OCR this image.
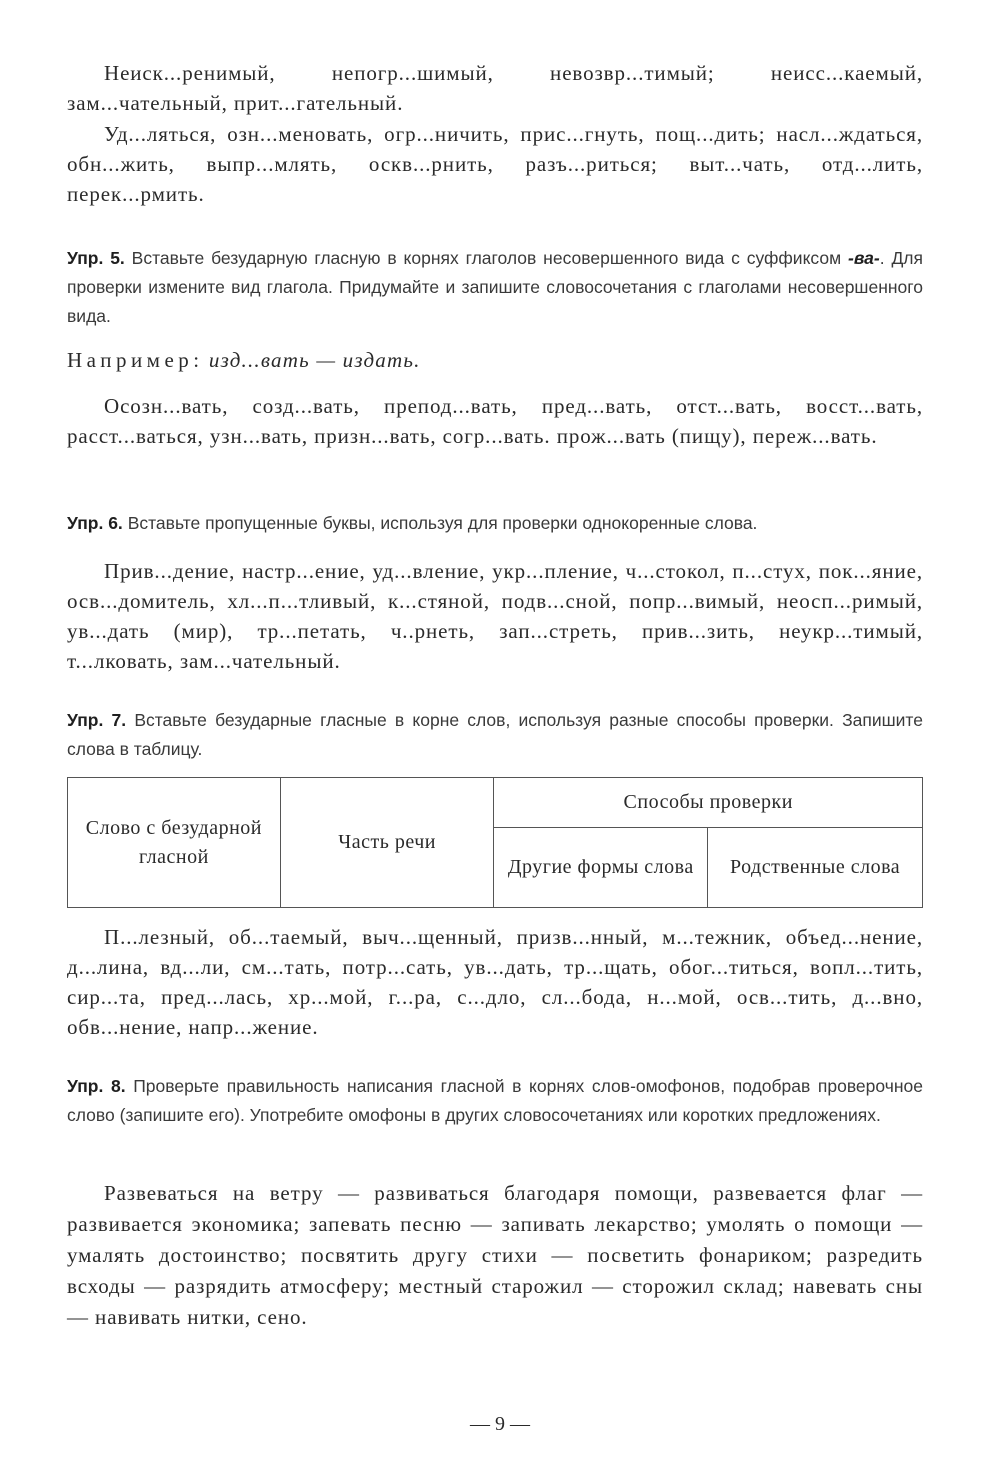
Неиск...ренимый, непогр...шимый, невозвр...тимый; неисс...каемый, зам...чательный, прит...гательный.

Уд...ляться, озн...меновать, огр...ничить, прис...гнуть, пощ...дить; насл...ждаться, обн...жить, выпр...млять, оскв...рнить, разъ...риться; выт...чать, отд...лить, перек...рмить.

Упр. 5. Вставьте безударную гласную в корнях глаголов несовершенного вида с суффиксом -ва-. Для проверки измените вид глагола. Придумайте и запишите словосочетания с глаголами несовершенного вида.
Например: изд...вать — издать.

Осозн...вать, созд...вать, препод...вать, пред...вать, отст...вать, восст...вать, расст...ваться, узн...вать, призн...вать, согр...вать. прож...вать (пищу), переж...вать.

Упр. 6. Вставьте пропущенные буквы, используя для проверки однокоренные слова.

Прив...дение, настр...ение, уд...вление, укр...пление, ч...стокол, п...стух, пок...яние, осв...домитель, хл...п...тливый, к...стяной, подв...сной, попр...вимый, неосп...римый, ув...дать (мир), тр...петать, ч..рнеть, зап...стреть, прив...зить, неукр...тимый, т...лковать, зам...чательный.

Упр. 7. Вставьте безударные гласные в корне слов, используя разные способы проверки. Запишите слова в таблицу.
Слово с безударной гласной	Часть речи	Способы проверки	
		Другие формы слова	Родственные слова

П...лезный, об...таемый, выч...щенный, призв...нный, м...тежник, объед...нение, д...лина, вд...ли, см...тать, потр...сать, ув...дать, тр...щать, обог...титься, вопл...тить, сир...та, пред...лась, хр...мой, г...ра, с...дло, сл...бода, н...мой, осв...тить, д...вно, обв...нение, напр...жение.

Упр. 8. Проверьте правильность написания гласной в корнях слов-омофонов, подобрав проверочное слово (запишите его). Употребите омофоны в других словосочетаниях или коротких предложениях.

Развеваться на ветру — развиваться благодаря помощи, развевается флаг — развивается экономика; запевать песню — запивать лекарство; умолять о помощи — умалять достоинство; посвятить другу стихи — посветить фонариком; разредить всходы — разрядить атмосферу; местный старожил — сторожил склад; навевать сны — навивать нитки, сено.

— 9 —
